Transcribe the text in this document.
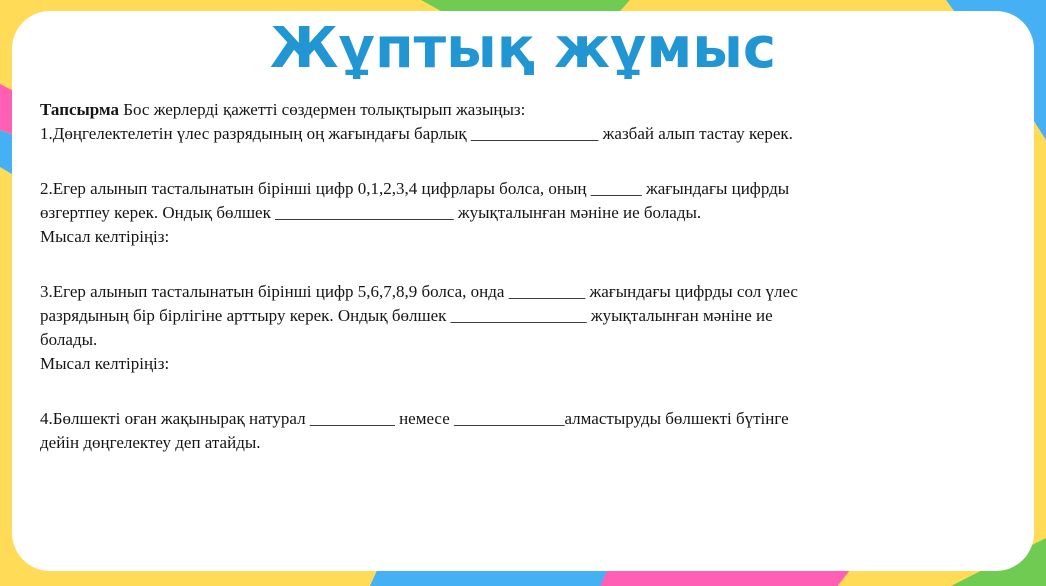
Жұптық жұмыс
Тапсырма Бос жерлерді қажетті сөздермен толықтырып жазыңыз:
1.Дөңгелектелетін үлес разрядының оң жағындағы барлық _______________ жазбай алып тастау керек.
2.Егер алынып тасталынатын бірінші цифр 0,1,2,3,4 цифрлары болса, оның ______ жағындағы цифрды
өзгертпеу керек. Ондық бөлшек _____________________ жуықталынған мәніне ие болады.
Мысал келтіріңіз:
3.Егер алынып тасталынатын бірінші цифр 5,6,7,8,9 болса, онда _________ жағындағы цифрды сол үлес
разрядының бір бірлігіне арттыру керек. Ондық бөлшек ________________ жуықталынған мәніне ие
болады.
Мысал келтіріңіз:
4.Бөлшекті оған жақынырақ натурал __________ немесе _____________алмастыруды бөлшекті бүтінге
дейін дөңгелектеу деп атайды.
